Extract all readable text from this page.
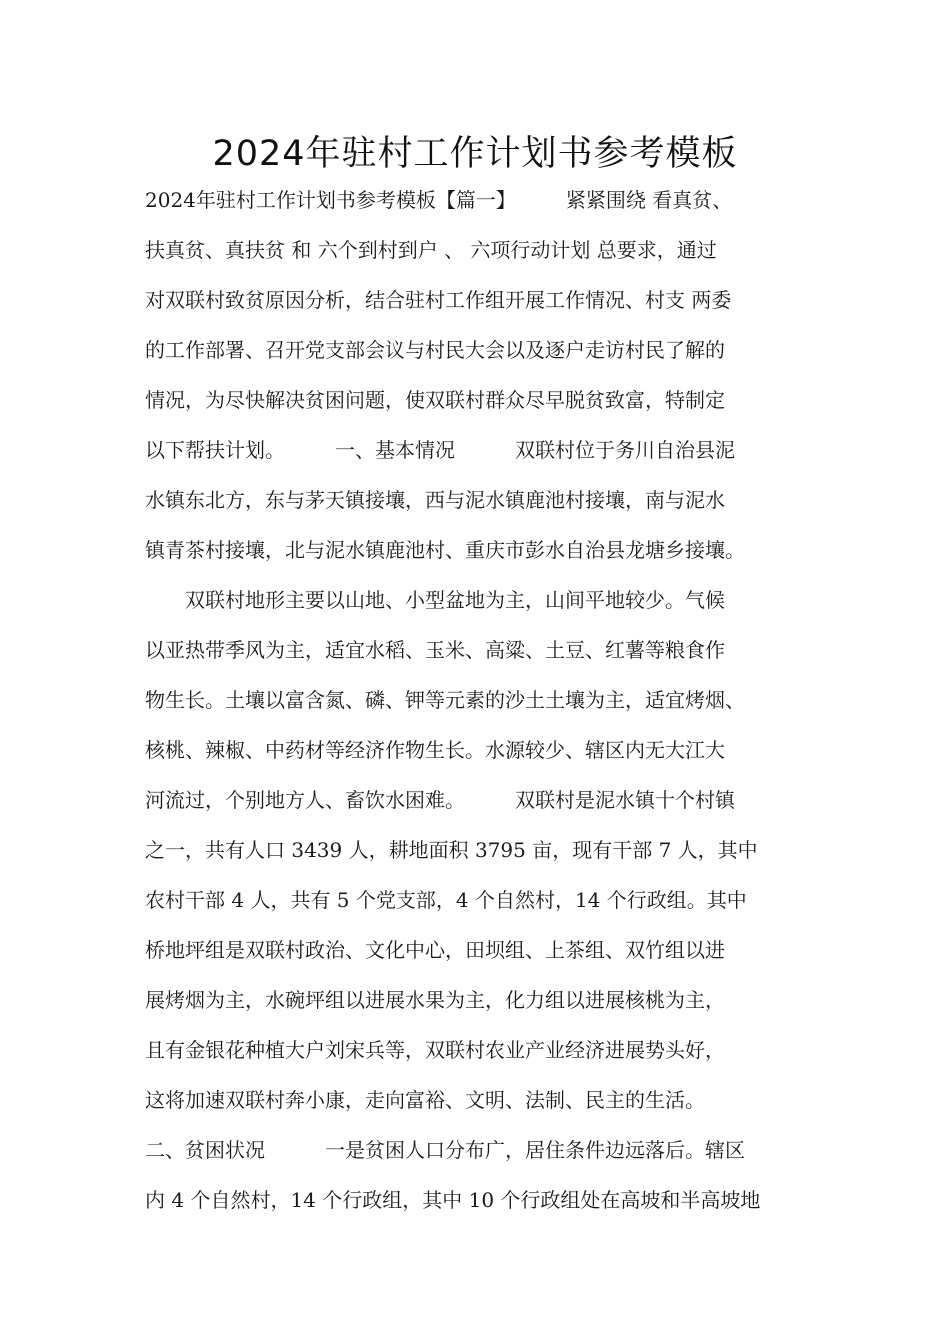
2024年驻村工作计划书参考模板
2024年驻村工作计划书参考模板【篇一】　　　紧紧围绕 看真贫、
扶真贫、真扶贫 和 六个到村到户 、 六项行动计划 总要求，通过
对双联村致贫原因分析，结合驻村工作组开展工作情况、村支 两委
的工作部署、召开党支部会议与村民大会以及逐户走访村民了解的
情况，为尽快解决贫困问题，使双联村群众尽早脱贫致富，特制定
以下帮扶计划。　　　一、基本情况　　　双联村位于务川自治县泥
水镇东北方，东与茅天镇接壤，西与泥水镇鹿池村接壤，南与泥水
镇青茶村接壤，北与泥水镇鹿池村、重庆市彭水自治县龙塘乡接壤。
　　双联村地形主要以山地、小型盆地为主，山间平地较少。气候
以亚热带季风为主，适宜水稻、玉米、高粱、土豆、红薯等粮食作
物生长。土壤以富含氮、磷、钾等元素的沙土土壤为主，适宜烤烟、
核桃、辣椒、中药材等经济作物生长。水源较少、辖区内无大江大
河流过，个别地方人、畜饮水困难。　　　双联村是泥水镇十个村镇
之一，共有人口 3439 人，耕地面积 3795 亩，现有干部 7 人，其中
农村干部 4 人，共有 5 个党支部，4 个自然村，14 个行政组。其中
桥地坪组是双联村政治、文化中心，田坝组、上茶组、双竹组以进
展烤烟为主，水碗坪组以进展水果为主，化力组以进展核桃为主，
且有金银花种植大户刘宋兵等，双联村农业产业经济进展势头好，
这将加速双联村奔小康，走向富裕、文明、法制、民主的生活。
二、贫困状况　　　一是贫困人口分布广，居住条件边远落后。辖区
内 4 个自然村，14 个行政组，其中 10 个行政组处在高坡和半高坡地
